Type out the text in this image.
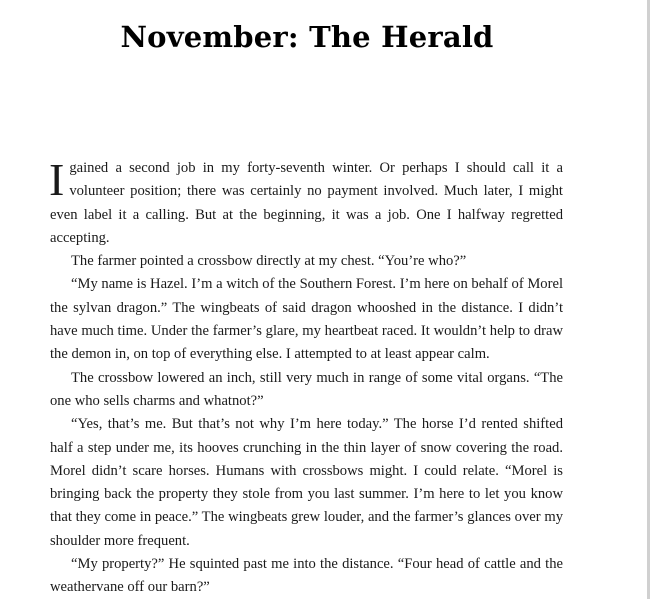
November: The Herald

Igained a second job in my forty-seventh winter. Or perhaps I should call it a volunteer position; there was certainly no payment involved. Much later, I might even label it a calling. But at the beginning, it was a job. One I halfway regretted accepting.

The farmer pointed a crossbow directly at my chest. “You’re who?”

“My name is Hazel. I’m a witch of the Southern Forest. I’m here on behalf of Morel the sylvan dragon.” The wingbeats of said dragon whooshed in the distance. I didn’t have much time. Under the farmer’s glare, my heartbeat raced. It wouldn’t help to draw the demon in, on top of everything else. I attempted to at least appear calm.

The crossbow lowered an inch, still very much in range of some vital organs. “The one who sells charms and whatnot?”

“Yes, that’s me. But that’s not why I’m here today.” The horse I’d rented shifted half a step under me, its hooves crunching in the thin layer of snow covering the road. Morel didn’t scare horses. Humans with crossbows might. I could relate. “Morel is bringing back the property they stole from you last summer. I’m here to let you know that they come in peace.” The wingbeats grew louder, and the farmer’s glances over my shoulder more frequent.

“My property?” He squinted past me into the distance. “Four head of cattle and the weathervane off our barn?”
